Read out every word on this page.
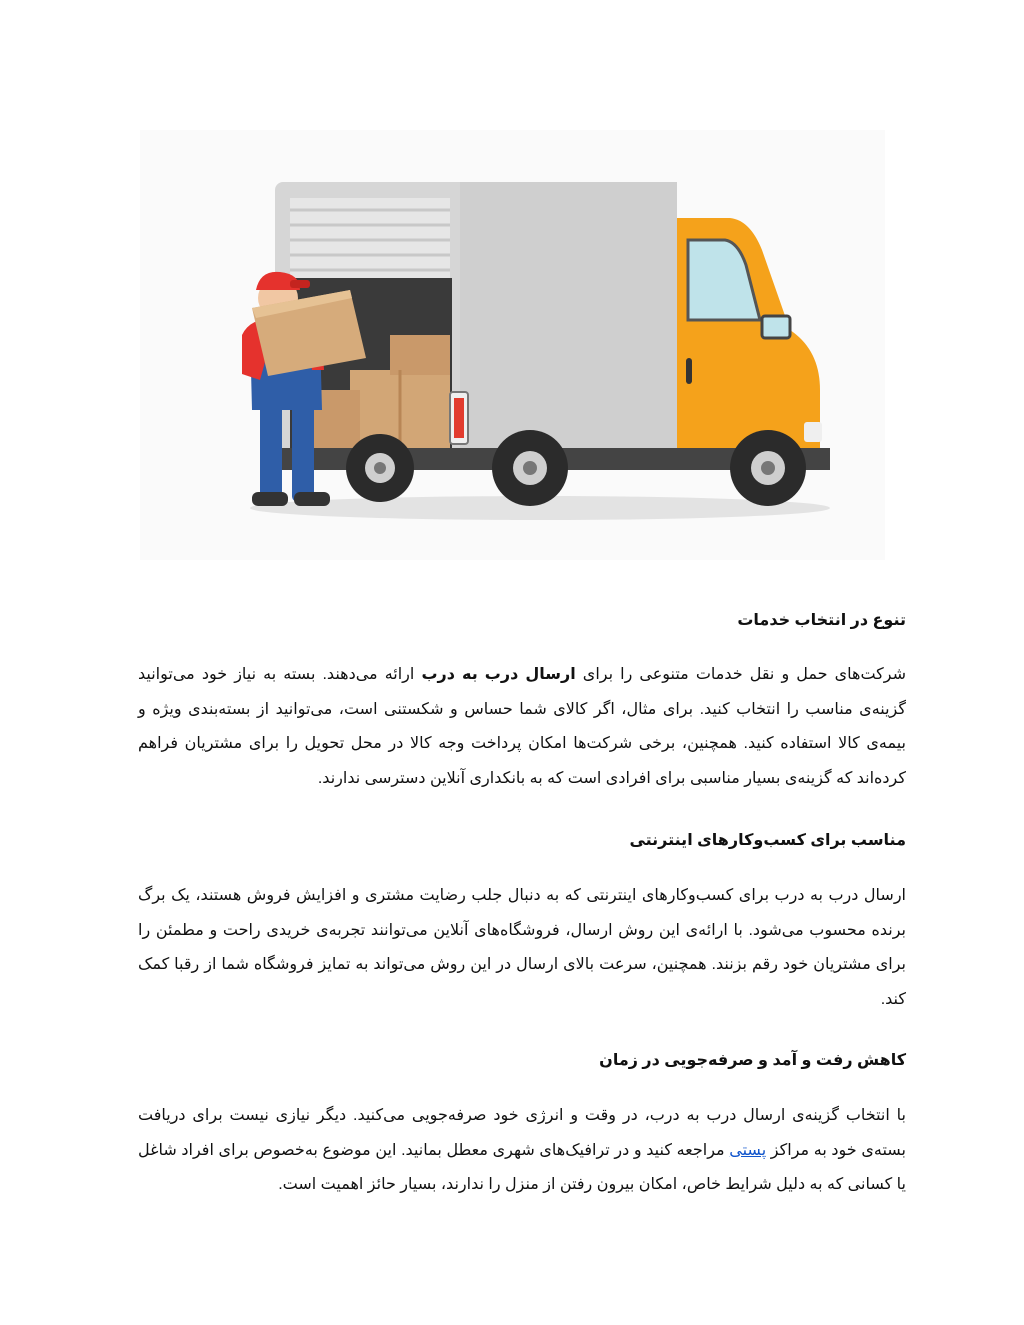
تنوع در انتخاب خدمات

شرکت‌های حمل و نقل خدمات متنوعی را برای ارسال درب به درب ارائه می‌دهند. بسته به نیاز خود می‌توانید گزینه‌ی مناسب را انتخاب کنید. برای مثال، اگر کالای شما حساس و شکستنی است، می‌توانید از بسته‌بندی ویژه و بیمه‌ی کالا استفاده کنید. همچنین، برخی شرکت‌ها امکان پرداخت وجه کالا در محل تحویل را برای مشتریان فراهم کرده‌اند که گزینه‌ی بسیار مناسبی برای افرادی است که به بانکداری آنلاین دسترسی ندارند.

مناسب برای کسب‌وکارهای اینترنتی

ارسال درب به درب برای کسب‌وکارهای اینترنتی که به دنبال جلب رضایت مشتری و افزایش فروش هستند، یک برگ برنده محسوب می‌شود. با ارائه‌ی این روش ارسال، فروشگاه‌های آنلاین می‌توانند تجربه‌ی خریدی راحت و مطمئن را برای مشتریان خود رقم بزنند. همچنین، سرعت بالای ارسال در این روش می‌تواند به تمایز فروشگاه شما از رقبا کمک کند.

کاهش رفت و آمد و صرفه‌جویی در زمان

با انتخاب گزینه‌ی ارسال درب به درب، در وقت و انرژی خود صرفه‌جویی می‌کنید. دیگر نیازی نیست برای دریافت بسته‌ی خود به مراکز پستی مراجعه کنید و در ترافیک‌های شهری معطل بمانید. این موضوع به‌خصوص برای افراد شاغل یا کسانی که به دلیل شرایط خاص، امکان بیرون رفتن از منزل را ندارند، بسیار حائز اهمیت است.
